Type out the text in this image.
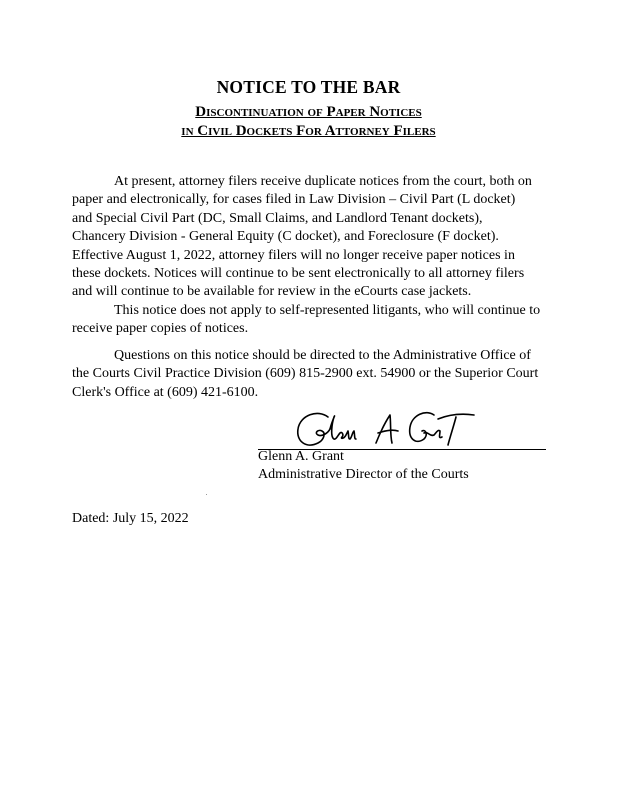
NOTICE TO THE BAR

Discontinuation of Paper Notices

in Civil Dockets For Attorney Filers

At present, attorney filers receive duplicate notices from the court, both on
paper and electronically, for cases filed in Law Division – Civil Part (L docket)
and Special Civil Part (DC, Small Claims, and Landlord Tenant dockets),
Chancery Division - General Equity (C docket), and Foreclosure (F docket).
Effective August 1, 2022, attorney filers will no longer receive paper notices in
these dockets. Notices will continue to be sent electronically to all attorney filers
and will continue to be available for review in the eCourts case jackets.

This notice does not apply to self-represented litigants, who will continue to
receive paper copies of notices.

Questions on this notice should be directed to the Administrative Office of
the Courts Civil Practice Division (609) 815-2900 ext. 54900 or the Superior Court
Clerk's Office at (609) 421-6100.

Glenn A. Grant
Administrative Director of the Courts

Dated: July 15, 2022
